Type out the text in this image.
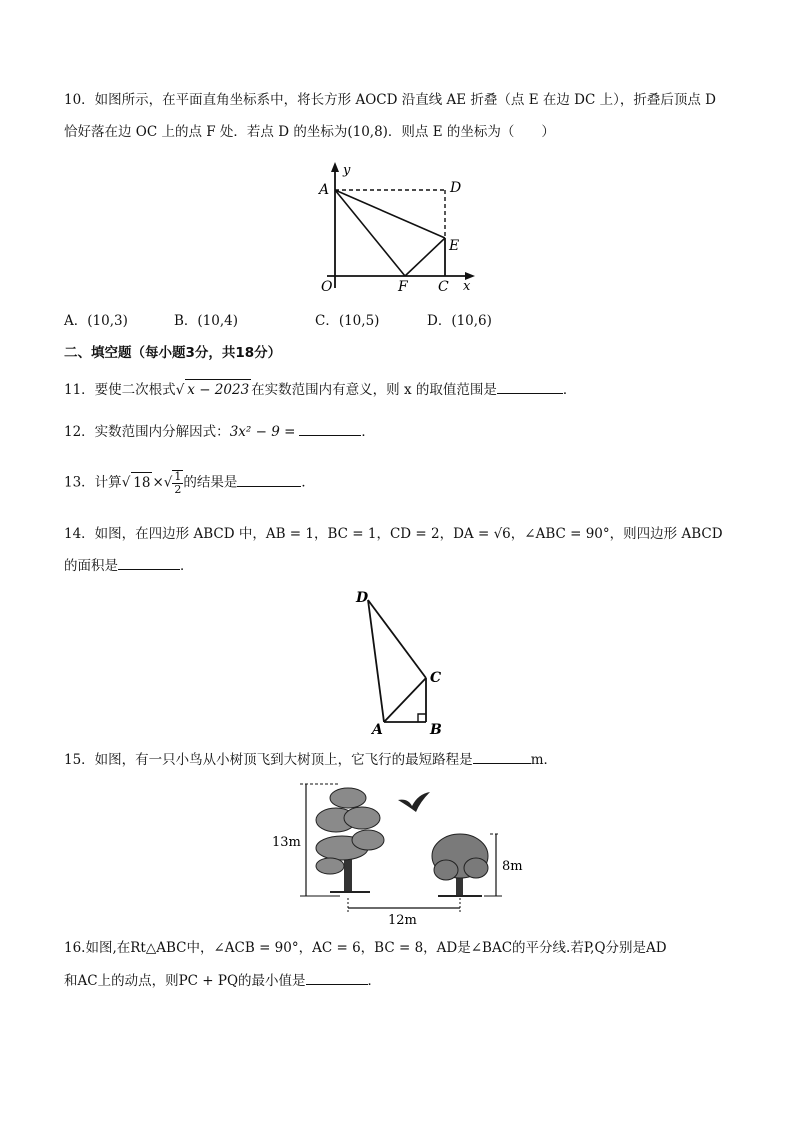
10．如图所示，在平面直角坐标系中，将长方形 AOCD 沿直线 AE 折叠（点 E 在边 DC 上），折叠后顶点 D
恰好落在边 OC 上的点 F 处．若点 D 的坐标为(10,8)．则点 E 的坐标为（　　）
A
y
D
E
O	F C x
A．(10,3)	B．(10,4)	C．(10,5)	D．(10,6)
二、填空题（每小题3分，共18分）
11．要使二次根式√ x − 2023 在实数范围内有意义，则 x 的取值范围是	．
12．实数范围内分解因式：3x² − 9 =	．
13．计算√ 18 ×√ $\frac{1}{2}$ 的结果是	．
14．如图，在四边形 ABCD 中，AB = 1，BC = 1，CD = 2，DA = √6，∠ABC = 90°，则四边形 ABCD
的面积是	．
D
C
A	B
15．如图，有一只小鸟从小树顶飞到大树顶上，它飞行的最短路程是	m．
13m
8m
12m
16.如图,在Rt△ABC中，∠ACB = 90°，AC = 6，BC = 8，AD是∠BAC的平分线.若P,Q分别是AD
和AC上的动点，则PC + PQ的最小值是	．
